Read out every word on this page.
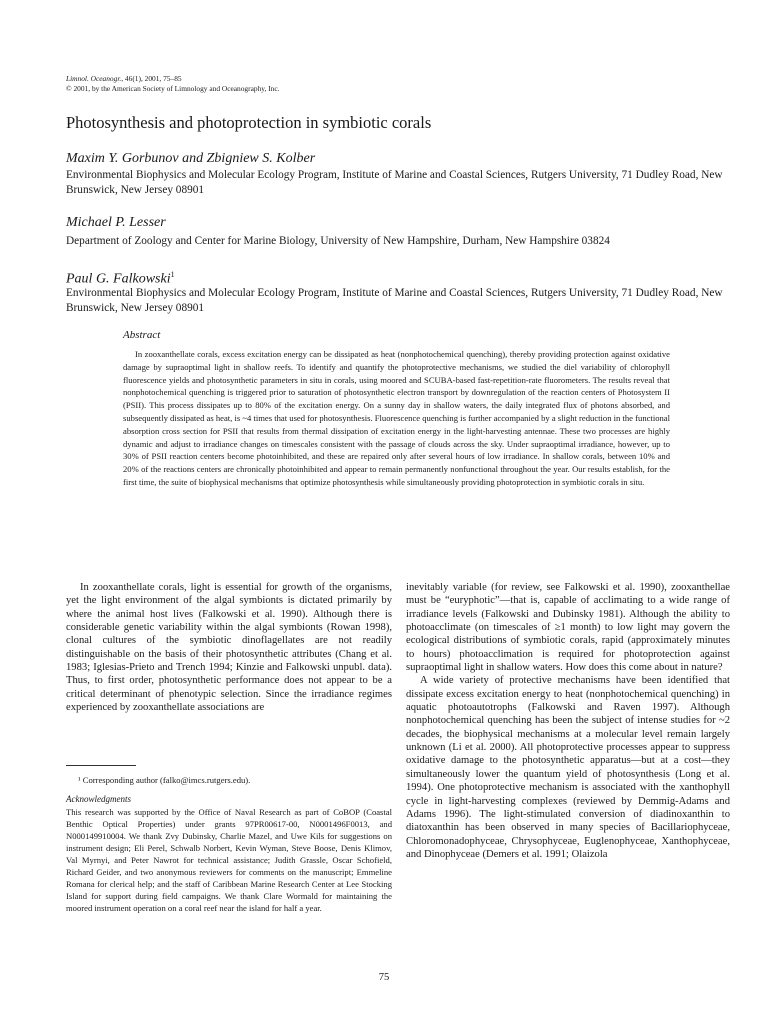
Limnol. Oceanogr., 46(1), 2001, 75–85
© 2001, by the American Society of Limnology and Oceanography, Inc.
Photosynthesis and photoprotection in symbiotic corals
Maxim Y. Gorbunov and Zbigniew S. Kolber
Environmental Biophysics and Molecular Ecology Program, Institute of Marine and Coastal Sciences, Rutgers University, 71 Dudley Road, New Brunswick, New Jersey 08901
Michael P. Lesser
Department of Zoology and Center for Marine Biology, University of New Hampshire, Durham, New Hampshire 03824
Paul G. Falkowski$^1$
Environmental Biophysics and Molecular Ecology Program, Institute of Marine and Coastal Sciences, Rutgers University, 71 Dudley Road, New Brunswick, New Jersey 08901
Abstract
In zooxanthellate corals, excess excitation energy can be dissipated as heat (nonphotochemical quenching), thereby providing protection against oxidative damage by supraoptimal light in shallow reefs. To identify and quantify the photoprotective mechanisms, we studied the diel variability of chlorophyll fluorescence yields and photosynthetic parameters in situ in corals, using moored and SCUBA-based fast-repetition-rate fluorometers. The results reveal that nonphotochemical quenching is triggered prior to saturation of photosynthetic electron transport by downregulation of the reaction centers of Photosystem II (PSII). This process dissipates up to 80% of the excitation energy. On a sunny day in shallow waters, the daily integrated flux of photons absorbed, and subsequently dissipated as heat, is ~4 times that used for photosynthesis. Fluorescence quenching is further accompanied by a slight reduction in the functional absorption cross section for PSII that results from thermal dissipation of excitation energy in the light-harvesting antennae. These two processes are highly dynamic and adjust to irradiance changes on timescales consistent with the passage of clouds across the sky. Under supraoptimal irradiance, however, up to 30% of PSII reaction centers become photoinhibited, and these are repaired only after several hours of low irradiance. In shallow corals, between 10% and 20% of the reactions centers are chronically photoinhibited and appear to remain permanently nonfunctional throughout the year. Our results establish, for the first time, the suite of biophysical mechanisms that optimize photosynthesis while simultaneously providing photoprotection in symbiotic corals in situ.

In zooxanthellate corals, light is essential for growth of the organisms, yet the light environment of the algal symbionts is dictated primarily by where the animal host lives (Falkowski et al. 1990). Although there is considerable genetic variability within the algal symbionts (Rowan 1998), clonal cultures of the symbiotic dinoflagellates are not readily distinguishable on the basis of their photosynthetic attributes (Chang et al. 1983; Iglesias-Prieto and Trench 1994; Kinzie and Falkowski unpubl. data). Thus, to first order, photosynthetic performance does not appear to be a critical determinant of phenotypic selection. Since the irradiance regimes experienced by zooxanthellate associations are

inevitably variable (for review, see Falkowski et al. 1990), zooxanthellae must be “euryphotic”—that is, capable of acclimating to a wide range of irradiance levels (Falkowski and Dubinsky 1981). Although the ability to photoacclimate (on timescales of ≥1 month) to low light may govern the ecological distributions of symbiotic corals, rapid (approximately minutes to hours) photoacclimation is required for photoprotection against supraoptimal light in shallow waters. How does this come about in nature?

A wide variety of protective mechanisms have been identified that dissipate excess excitation energy to heat (nonphotochemical quenching) in aquatic photoautotrophs (Falkowski and Raven 1997). Although nonphotochemical quenching has been the subject of intense studies for ~2 decades, the biophysical mechanisms at a molecular level remain largely unknown (Li et al. 2000). All photoprotective processes appear to suppress oxidative damage to the photosynthetic apparatus—but at a cost—they simultaneously lower the quantum yield of photosynthesis (Long et al. 1994). One photoprotective mechanism is associated with the xanthophyll cycle in light-harvesting complexes (reviewed by Demmig-Adams and Adams 1996). The light-stimulated conversion of diadinoxanthin to diatoxanthin has been observed in many species of Bacillariophyceae, Chloromonadophyceae, Chrysophyceae, Euglenophyceae, Xanthophyceae, and Dinophyceae (Demers et al. 1991; Olaizola

¹ Corresponding author (falko@imcs.rutgers.edu).
Acknowledgments
This research was supported by the Office of Naval Research as part of CoBOP (Coastal Benthic Optical Properties) under grants 97PR00617-00, N0001496F0013, and N000149910004. We thank Zvy Dubinsky, Charlie Mazel, and Uwe Kils for suggestions on instrument design; Eli Perel, Schwalb Norbert, Kevin Wyman, Steve Boose, Denis Klimov, Val Myrnyi, and Peter Nawrot for technical assistance; Judith Grassle, Oscar Schofield, Richard Geider, and two anonymous reviewers for comments on the manuscript; Emmeline Romana for clerical help; and the staff of Caribbean Marine Research Center at Lee Stocking Island for support during field campaigns. We thank Clare Wormald for maintaining the moored instrument operation on a coral reef near the island for half a year.
75
